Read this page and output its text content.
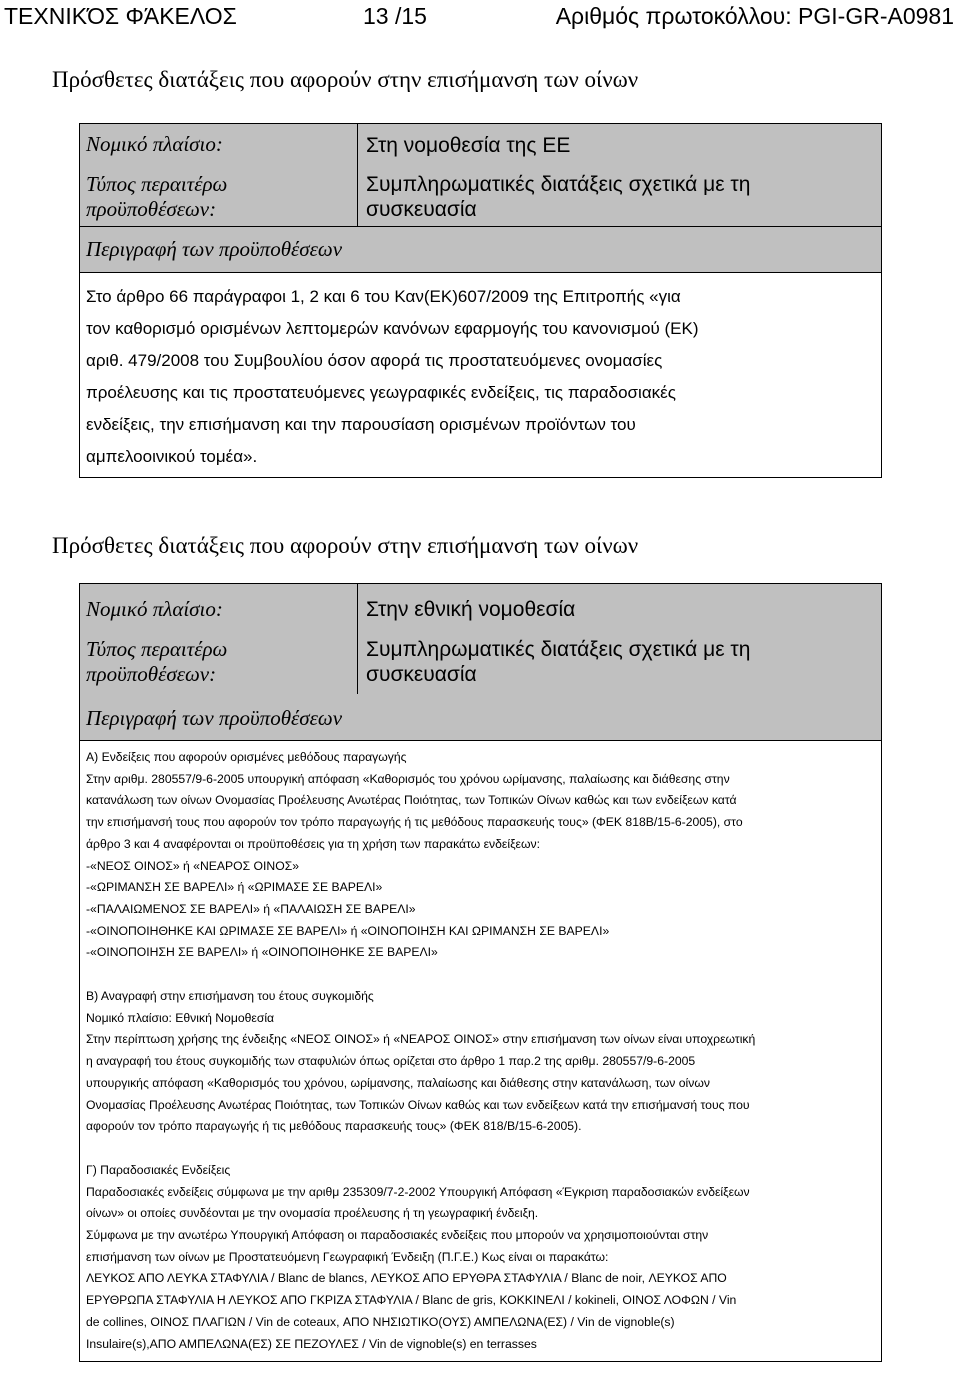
ΤΕΧΝΙΚΌΣ ΦΆΚΕΛΟΣ	13 /15	Αριθμός πρωτοκόλλου: PGI-GR-A0981
Πρόσθετες διατάξεις που αφορούν στην επισήμανση των οίνων
Νομικό πλαίσιο:	Στη νομοθεσία της ΕΕ
Τύπος περαιτέρω
προϋποθέσεων:
Συμπληρωματικές διατάξεις σχετικά με τη
συσκευασία
Περιγραφή των προϋποθέσεων
Στο άρθρο 66 παράγραφοι 1, 2 και 6 του Καν(ΕΚ)607/2009 της Επιτροπής «για
τον καθορισμό ορισμένων λεπτομερών κανόνων εφαρμογής του κανονισμού (ΕΚ)
αριθ. 479/2008 του Συμβουλίου όσον αφορά τις προστατευόμενες ονομασίες
προέλευσης και τις προστατευόμενες γεωγραφικές ενδείξεις, τις παραδοσιακές
ενδείξεις, την επισήμανση και την παρουσίαση ορισμένων προϊόντων του
αμπελοοινικού τομέα».
Πρόσθετες διατάξεις που αφορούν στην επισήμανση των οίνων
Νομικό πλαίσιο:	Στην εθνική νομοθεσία
Τύπος περαιτέρω
προϋποθέσεων:
Συμπληρωματικές διατάξεις σχετικά με τη
συσκευασία
Περιγραφή των προϋποθέσεων

Α) Ενδείξεις που αφορούν ορισμένες μεθόδους παραγωγής

Στην αριθμ. 280557/9-6-2005 υπουργική απόφαση «Καθορισμός του χρόνου ωρίμανσης, παλαίωσης και διάθεσης στην

κατανάλωση των οίνων Ονομασίας Προέλευσης Ανωτέρας Ποιότητας, των Τοπικών Οίνων καθώς και των ενδείξεων κατά

την επισήμανσή τους που αφορούν τον τρόπο παραγωγής ή τις μεθόδους παρασκευής τους» (ΦΕΚ 818Β/15-6-2005), στο

άρθρο 3 και 4 αναφέρονται οι προϋποθέσεις για τη χρήση των παρακάτω ενδείξεων:

-«ΝΕΟΣ ΟΙΝΟΣ» ή «ΝΕΑΡΟΣ ΟΙΝΟΣ»

-«ΩΡΙΜΑΝΣΗ ΣΕ ΒΑΡΕΛΙ» ή «ΩΡΙΜΑΣΕ ΣΕ ΒΑΡΕΛΙ»

-«ΠΑΛΑΙΩΜΕΝΟΣ ΣΕ ΒΑΡΕΛΙ» ή «ΠΑΛΑΙΩΣΗ ΣΕ ΒΑΡΕΛΙ»

-«ΟΙΝΟΠΟΙΗΘΗΚΕ ΚΑΙ ΩΡΙΜΑΣΕ ΣΕ ΒΑΡΕΛΙ» ή «ΟΙΝΟΠΟΙΗΣΗ ΚΑΙ ΩΡΙΜΑΝΣΗ ΣΕ ΒΑΡΕΛΙ»

-«ΟΙΝΟΠΟΙΗΣΗ ΣΕ ΒΑΡΕΛΙ» ή «ΟΙΝΟΠΟΙΗΘΗΚΕ ΣΕ ΒΑΡΕΛΙ»

Β) Αναγραφή στην επισήμανση του έτους συγκομιδής

Νομικό πλαίσιο: Εθνική Νομοθεσία

Στην περίπτωση χρήσης της ένδειξης «ΝΕΟΣ ΟΙΝΟΣ» ή «ΝΕΑΡΟΣ ΟΙΝΟΣ» στην επισήμανση των οίνων είναι υποχρεωτική

η αναγραφή του έτους συγκομιδής των σταφυλιών όπως ορίζεται στο άρθρο 1 παρ.2 της αριθμ. 280557/9-6-2005

υπουργικής απόφαση «Καθορισμός του χρόνου, ωρίμανσης, παλαίωσης και διάθεσης στην κατανάλωση, των οίνων

Ονομασίας Προέλευσης Ανωτέρας Ποιότητας, των Τοπικών Οίνων καθώς και των ενδείξεων κατά την επισήμανσή τους που

αφορούν τον τρόπο παραγωγής ή τις μεθόδους παρασκευής τους» (ΦΕΚ 818/Β/15-6-2005).

Γ) Παραδοσιακές Ενδείξεις

Παραδοσιακές ενδείξεις σύμφωνα με την αριθμ 235309/7-2-2002 Υπουργική Απόφαση «Έγκριση παραδοσιακών ενδείξεων

οίνων» οι οποίες συνδέονται με την ονομασία προέλευσης ή τη γεωγραφική ένδειξη.

Σύμφωνα με την ανωτέρω Υπουργική Απόφαση οι παραδοσιακές ενδείξεις που μπορούν να χρησιμοποιούνται στην

επισήμανση των οίνων με Προστατευόμενη Γεωγραφική Ένδειξη (Π.Γ.Ε.) Κως είναι οι παρακάτω:

ΛΕΥΚΟΣ ΑΠΟ ΛΕΥΚΑ ΣΤΑΦΥΛΙΑ / Blanc de blancs, ΛΕΥΚΟΣ ΑΠΟ ΕΡΥΘΡΑ ΣΤΑΦΥΛΙΑ / Blanc de noir, ΛΕΥΚΟΣ ΑΠΟ

ΕΡΥΘΡΩΠΑ ΣΤΑΦΥΛΙΑ Η ΛΕΥΚΟΣ ΑΠΟ ΓΚΡΙΖΑ ΣΤΑΦΥΛΙΑ / Blanc de gris, ΚΟΚΚΙΝΕΛΙ / kokineli, ΟΙΝΟΣ ΛΟΦΩΝ / Vin

de collines, ΟΙΝΟΣ ΠΛΑΓΙΩΝ / Vin de coteaux, ΑΠΟ ΝΗΣΙΩΤΙΚΟ(ΟΥΣ) ΑΜΠΕΛΩΝΑ(ΕΣ) / Vin de vignoble(s)

Insulaire(s),ΑΠΟ ΑΜΠΕΛΩΝΑ(ΕΣ) ΣΕ ΠΕΖΟΥΛΕΣ / Vin de vignoble(s) en terrasses
